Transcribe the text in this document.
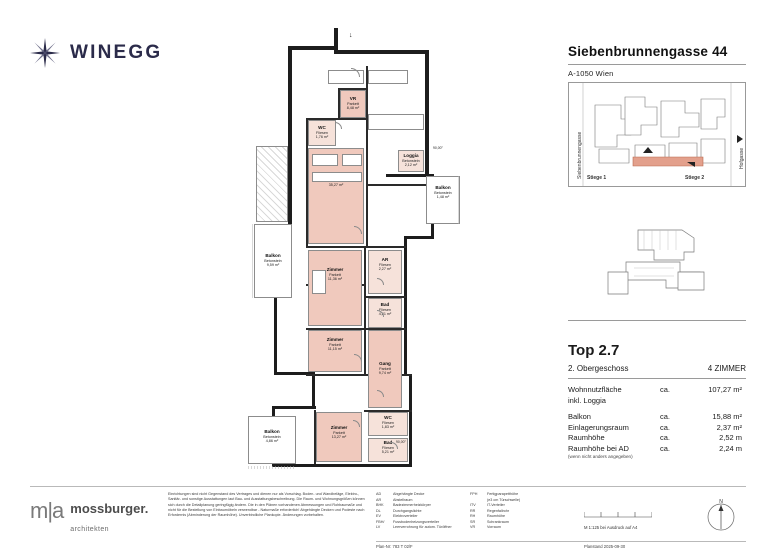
WINEGG	Siebenbrunnengasse 44
A-1050 Wien
Siebenbrunnengasse	Hofgasse
Stiege 1	Stiege 2
Top 2.7
2. Obergeschoss	4 ZIMMER
Wohnnutzfläche	ca.	107,27 m²
inkl. Loggia
Balkon	ca.	15,88 m²
Einlagerungsraum	ca.	2,37 m²
Raumhöhe	ca.	2,52 m
Raumhöhe bei AD	ca.	2,24 m
(wenn nicht anders angegeben)
↓
VR
Parkett
8,48 m²
WC
Fliesen
1,76 m²
35,27 m²
Loggia
Betonstein
2,12 m²
Balkon
Betonstein
1,48 m²
Balkon
Betonstein
9,59 m²
AR
Fliesen
2,27 m²
Zimmer
Parkett
11,36 m²
Bad
Fliesen
4,81 m²
Zimmer
Parkett
11,15 m²
Gang
Parkett
9,74 m²
WC
Fliesen
1,83 m²
Zimmer
Parkett
13,27 m²
Bad
Fliesen
5,21 m²
Balkon
Betonstein
4,86 m²
90,00°
90,00°
m|a mossburger.
architekten
Einrichtungen sind nicht Gegenstand des Vertrages und dienen nur als Vorschlag. Boden- und Wandbeläge, Elektro-, Sanitär- und sonstige Ausstattungen laut Bau- und Ausstattungsbeschreibung. Die Raum- und Wohnungsgrößen können sich durch die Detailplanung geringfügig ändern. Die in den Plänen vorhandenen Abmessungen und Rohbaumaße und nicht für die Bestellung von Einbaumöbeln verwendbar - Naturmaße erforderlich! Abgehängte Decken und Podeste nach Erfordernis (Abminderung der Raumhöhe). Unverbindliche Plankopie. Änderungen vorbehalten.
AD	Abgehängte Decke
AR	Abstellraum
BHK	Badezimmerheizkörper
DL	Durchgangslichte
EV	Elektroverteiler
FBH/	Fussbodenheizungsverteiler
LV	Leerverrohrung für autom. Türöffner
FPH	Fertigparapetthöhe
(e3 cm Türschwelle)
ITV	IT-Verteiler
RR	Regenfallrohr
RH	Raumhöhe
SR	Schrankraum
VR	Vorraum	M 1:125 bei Ausdruck auf A4
N
Plan-Nr: 783 T 02/F	Planstand 2025-09-30
